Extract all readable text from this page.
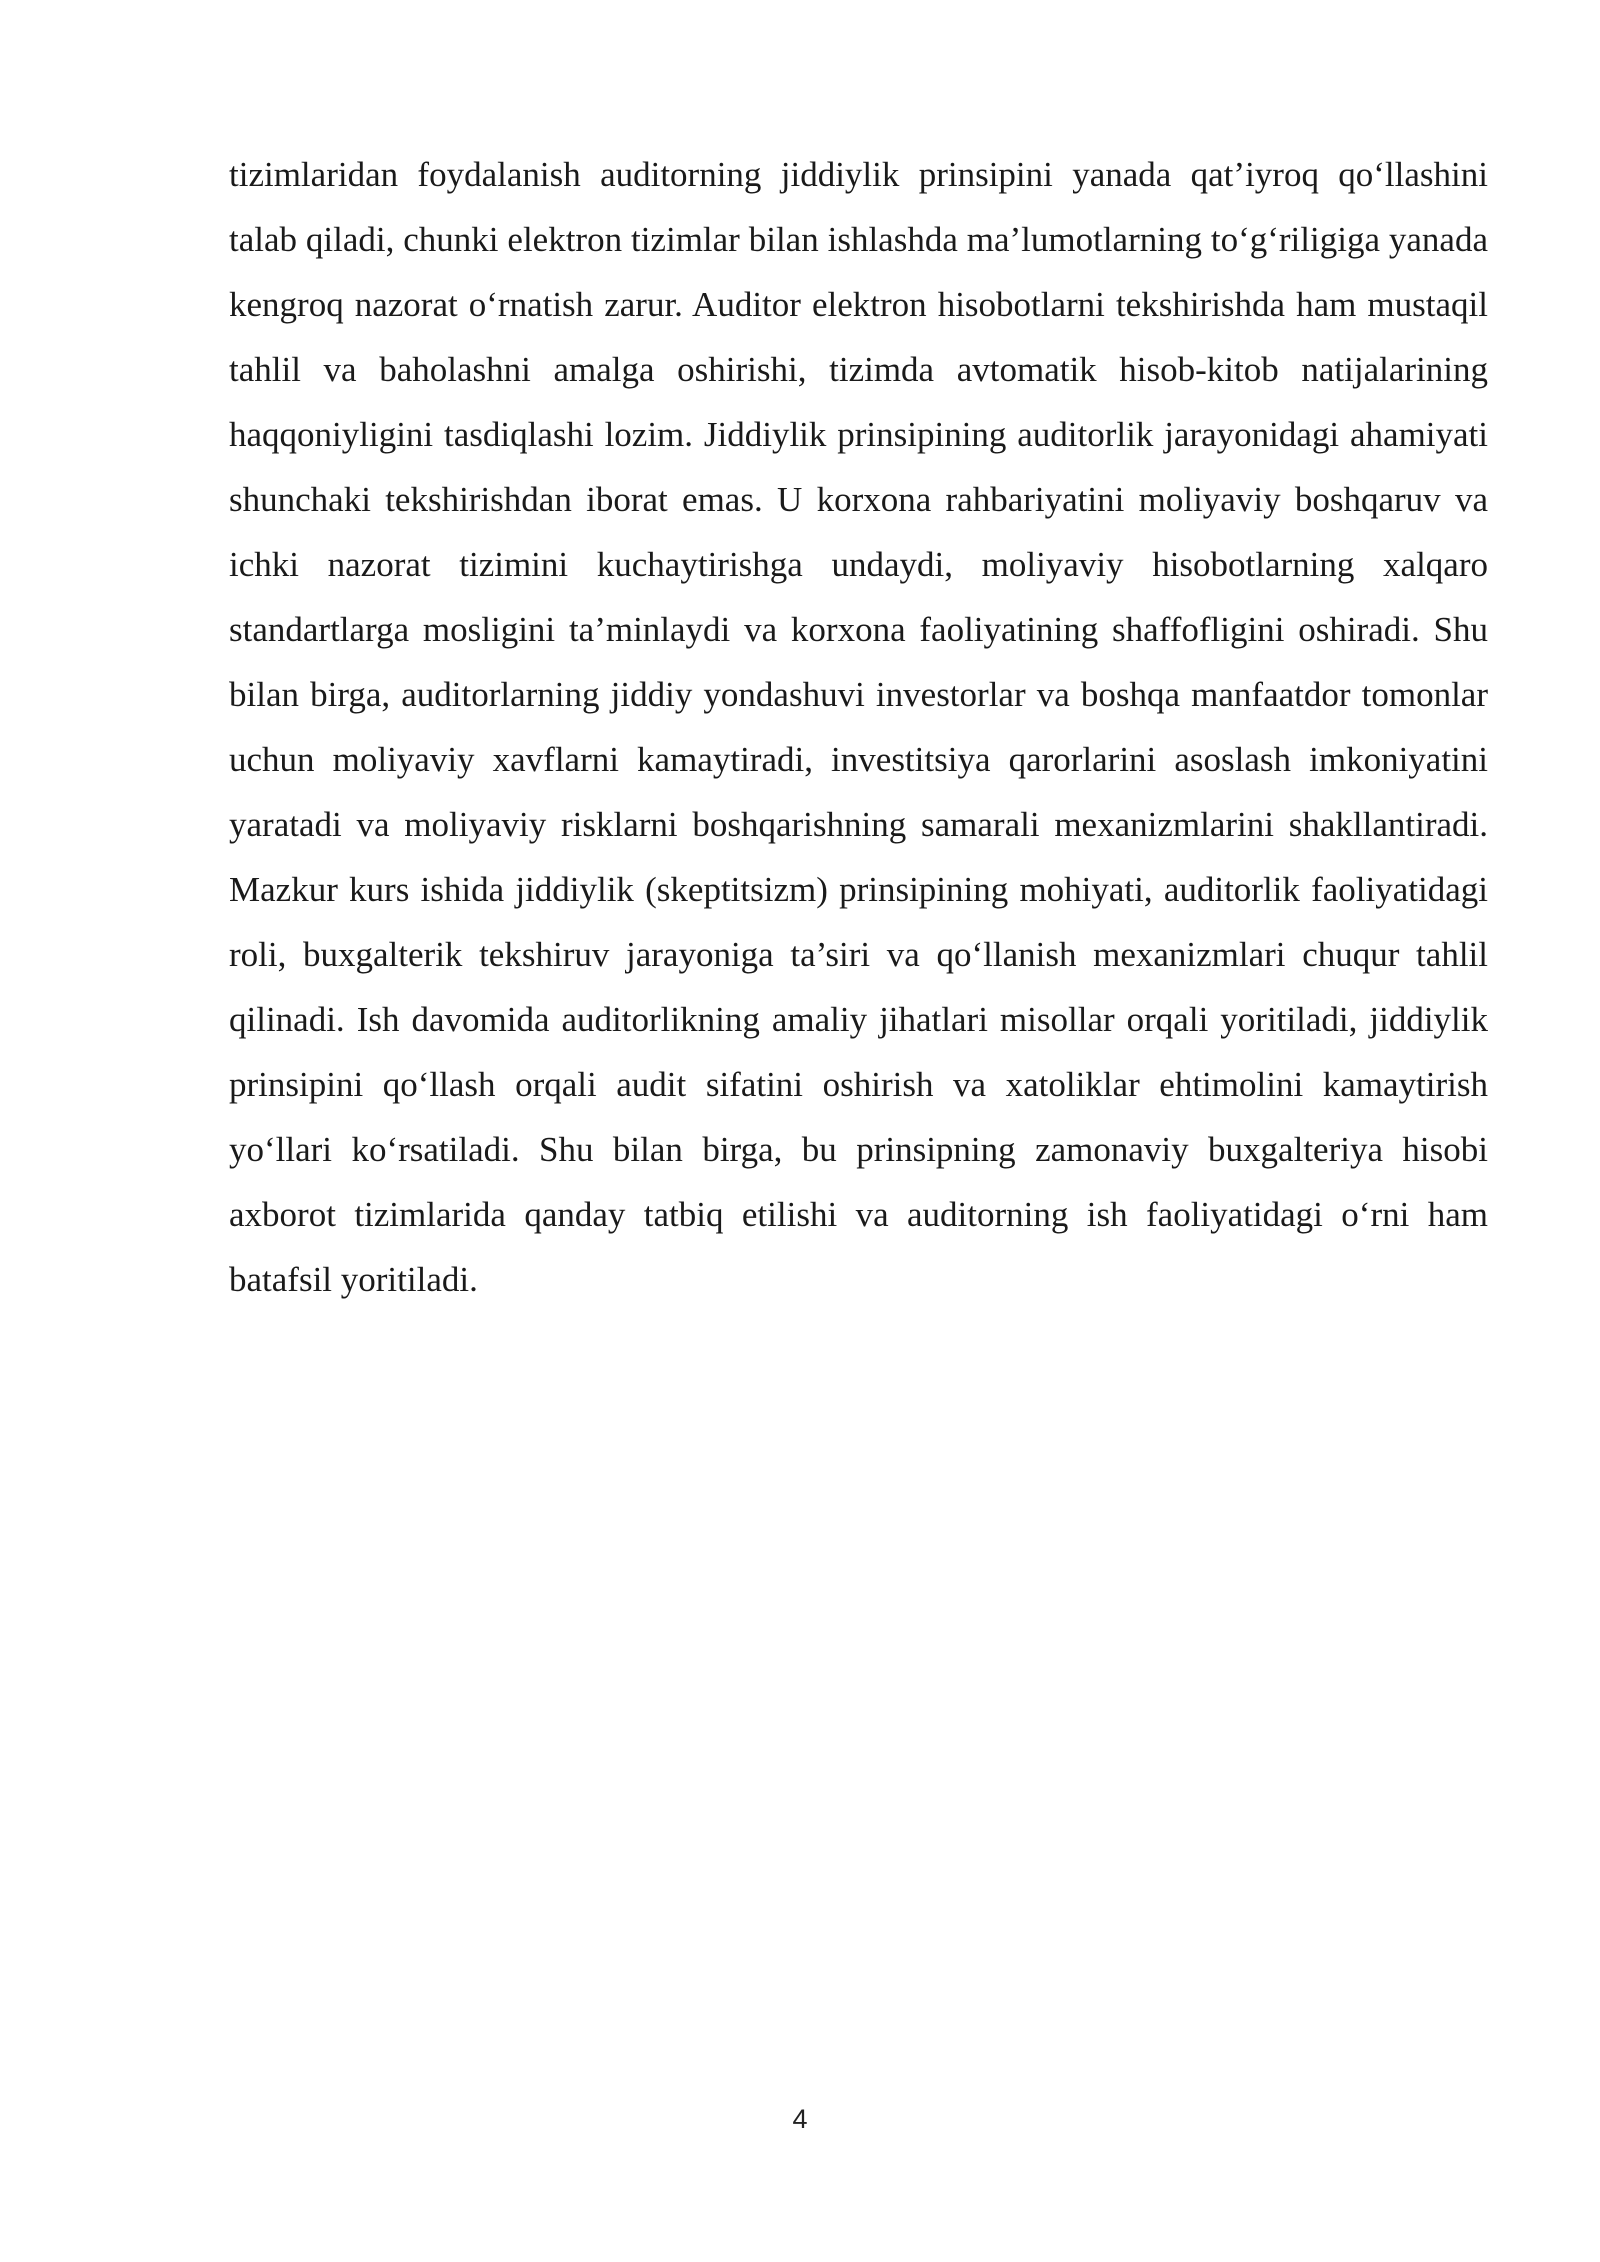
tizimlaridan foydalanish auditorning jiddiylik prinsipini yanada qat’iyroq qo‘llashini talab qiladi, chunki elektron tizimlar bilan ishlashda ma’lumotlarning to‘g‘riligiga yanada kengroq nazorat o‘rnatish zarur. Auditor elektron hisobotlarni tekshirishda ham mustaqil tahlil va baholashni amalga oshirishi, tizimda avtomatik hisob-kitob natijalarining haqqoniyligini tasdiqlashi lozim. Jiddiylik prinsipining auditorlik jarayonidagi ahamiyati shunchaki tekshirishdan iborat emas. U korxona rahbariyatini moliyaviy boshqaruv va ichki nazorat tizimini kuchaytirishga undaydi, moliyaviy hisobotlarning xalqaro standartlarga mosligini ta’minlaydi va korxona faoliyatining shaffofligini oshiradi. Shu bilan birga, auditorlarning jiddiy yondashuvi investorlar va boshqa manfaatdor tomonlar uchun moliyaviy xavflarni kamaytiradi, investitsiya qarorlarini asoslash imkoniyatini yaratadi va moliyaviy risklarni boshqarishning samarali mexanizmlarini shakllantiradi. Mazkur kurs ishida jiddiylik (skeptitsizm) prinsipining mohiyati, auditorlik faoliyatidagi roli, buxgalterik tekshiruv jarayoniga ta’siri va qo‘llanish mexanizmlari chuqur tahlil qilinadi. Ish davomida auditorlikning amaliy jihatlari misollar orqali yoritiladi, jiddiylik prinsipini qo‘llash orqali audit sifatini oshirish va xatoliklar ehtimolini kamaytirish yo‘llari ko‘rsatiladi. Shu bilan birga, bu prinsipning zamonaviy buxgalteriya hisobi axborot tizimlarida qanday tatbiq etilishi va auditorning ish faoliyatidagi o‘rni ham batafsil yoritiladi.

4
